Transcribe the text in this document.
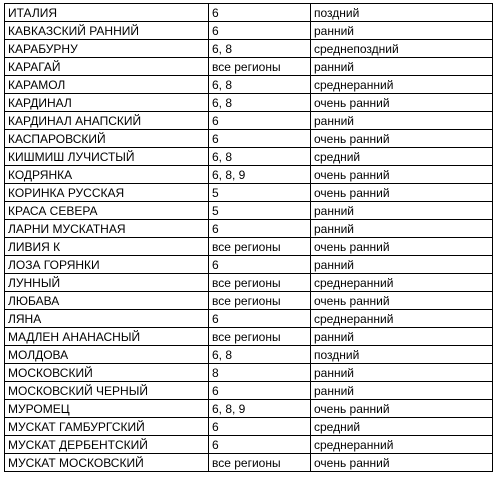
ИТАЛИЯ	6	поздний
КАВКАЗСКИЙ РАННИЙ	6	ранний
КАРАБУРНУ	6, 8	среднепоздний
КАРАГАЙ	все регионы	ранний
КАРАМОЛ	6, 8	среднеранний
КАРДИНАЛ	6, 8	очень ранний
КАРДИНАЛ АНАПСКИЙ	6	ранний
КАСПАРОВСКИЙ	6	очень ранний
КИШМИШ ЛУЧИСТЫЙ	6, 8	средний
КОДРЯНКА	6, 8, 9	очень ранний
КОРИНКА РУССКАЯ	5	очень ранний
КРАСА СЕВЕРА	5	ранний
ЛАРНИ МУСКАТНАЯ	6	ранний
ЛИВИЯ К	все регионы	очень ранний
ЛОЗА ГОРЯНКИ	6	ранний
ЛУННЫЙ	все регионы	среднеранний
ЛЮБАВА	все регионы	очень ранний
ЛЯНА	6	среднеранний
МАДЛЕН АНАНАСНЫЙ	все регионы	ранний
МОЛДОВА	6, 8	поздний
МОСКОВСКИЙ	8	ранний
МОСКОВСКИЙ ЧЕРНЫЙ	6	ранний
МУРОМЕЦ	6, 8, 9	очень ранний
МУСКАТ ГАМБУРГСКИЙ	6	средний
МУСКАТ ДЕРБЕНТСКИЙ	6	среднеранний
МУСКАТ МОСКОВСКИЙ	все регионы	очень ранний
